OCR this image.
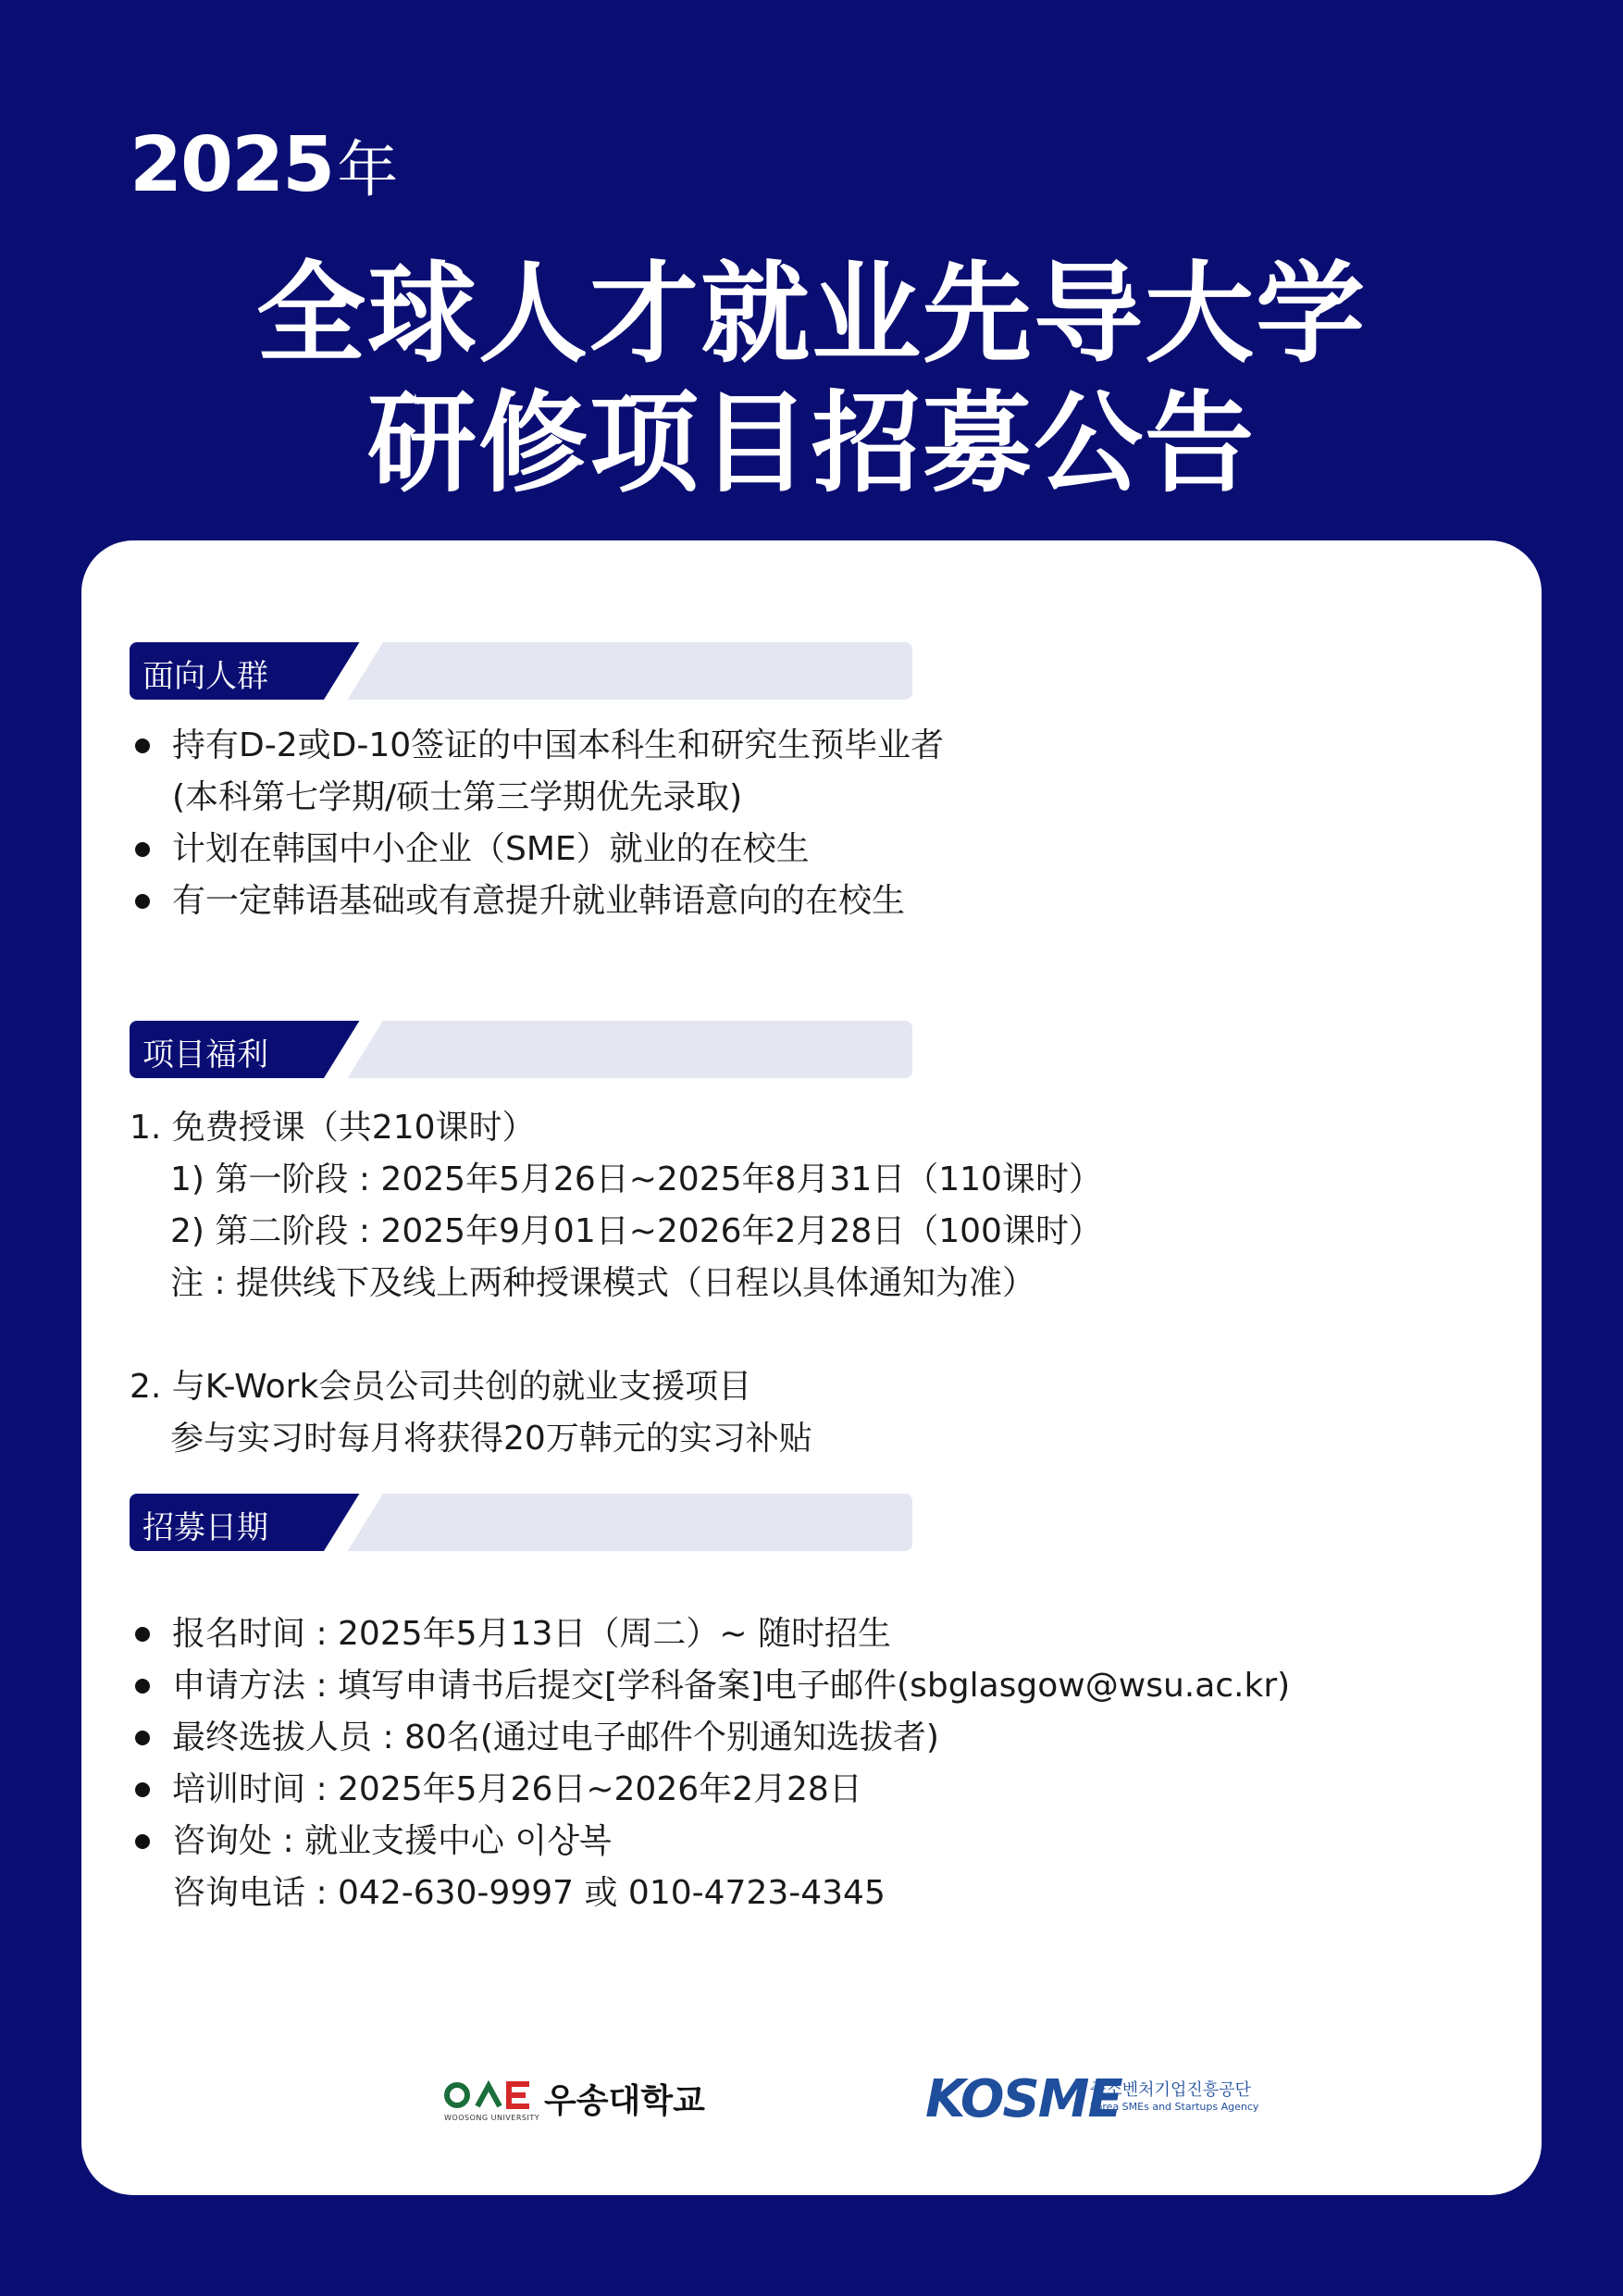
2025年
全球人才就业先导大学
研修项目招募公告
面向人群
持有D-2或D-10签证的中国本科生和研究生预毕业者
(本科第七学期/硕士第三学期优先录取)
计划在韩国中小企业（SME）就业的在校生
有一定韩语基础或有意提升就业韩语意向的在校生
项目福利
1. 免费授课（共210课时）
1) 第一阶段 : 2025年5月26日~2025年8月31日（110课时）
2) 第二阶段 : 2025年9月01日~2026年2月28日（100课时）
注 : 提供线下及线上两种授课模式（日程以具体通知为准）
2. 与K-Work会员公司共创的就业支援项目
参与实习时每月将获得20万韩元的实习补贴
招募日期
报名时间 : 2025年5月13日（周二）~ 随时招生
申请方法 : 填写申请书后提交[学科备案]电子邮件(sbglasgow@wsu.ac.kr)
最终选拔人员 : 80名(通过电子邮件个别通知选拔者)
培训时间 : 2025年5月26日~2026年2月28日
咨询处 : 就业支援中心 이상복
咨询电话 : 042-630-9997 或 010-4723-4345
WOOSONG UNIVERSITY 우송대학교	KOSME
중소벤처기업진흥공단
Korea SMEs and Startups Agency
